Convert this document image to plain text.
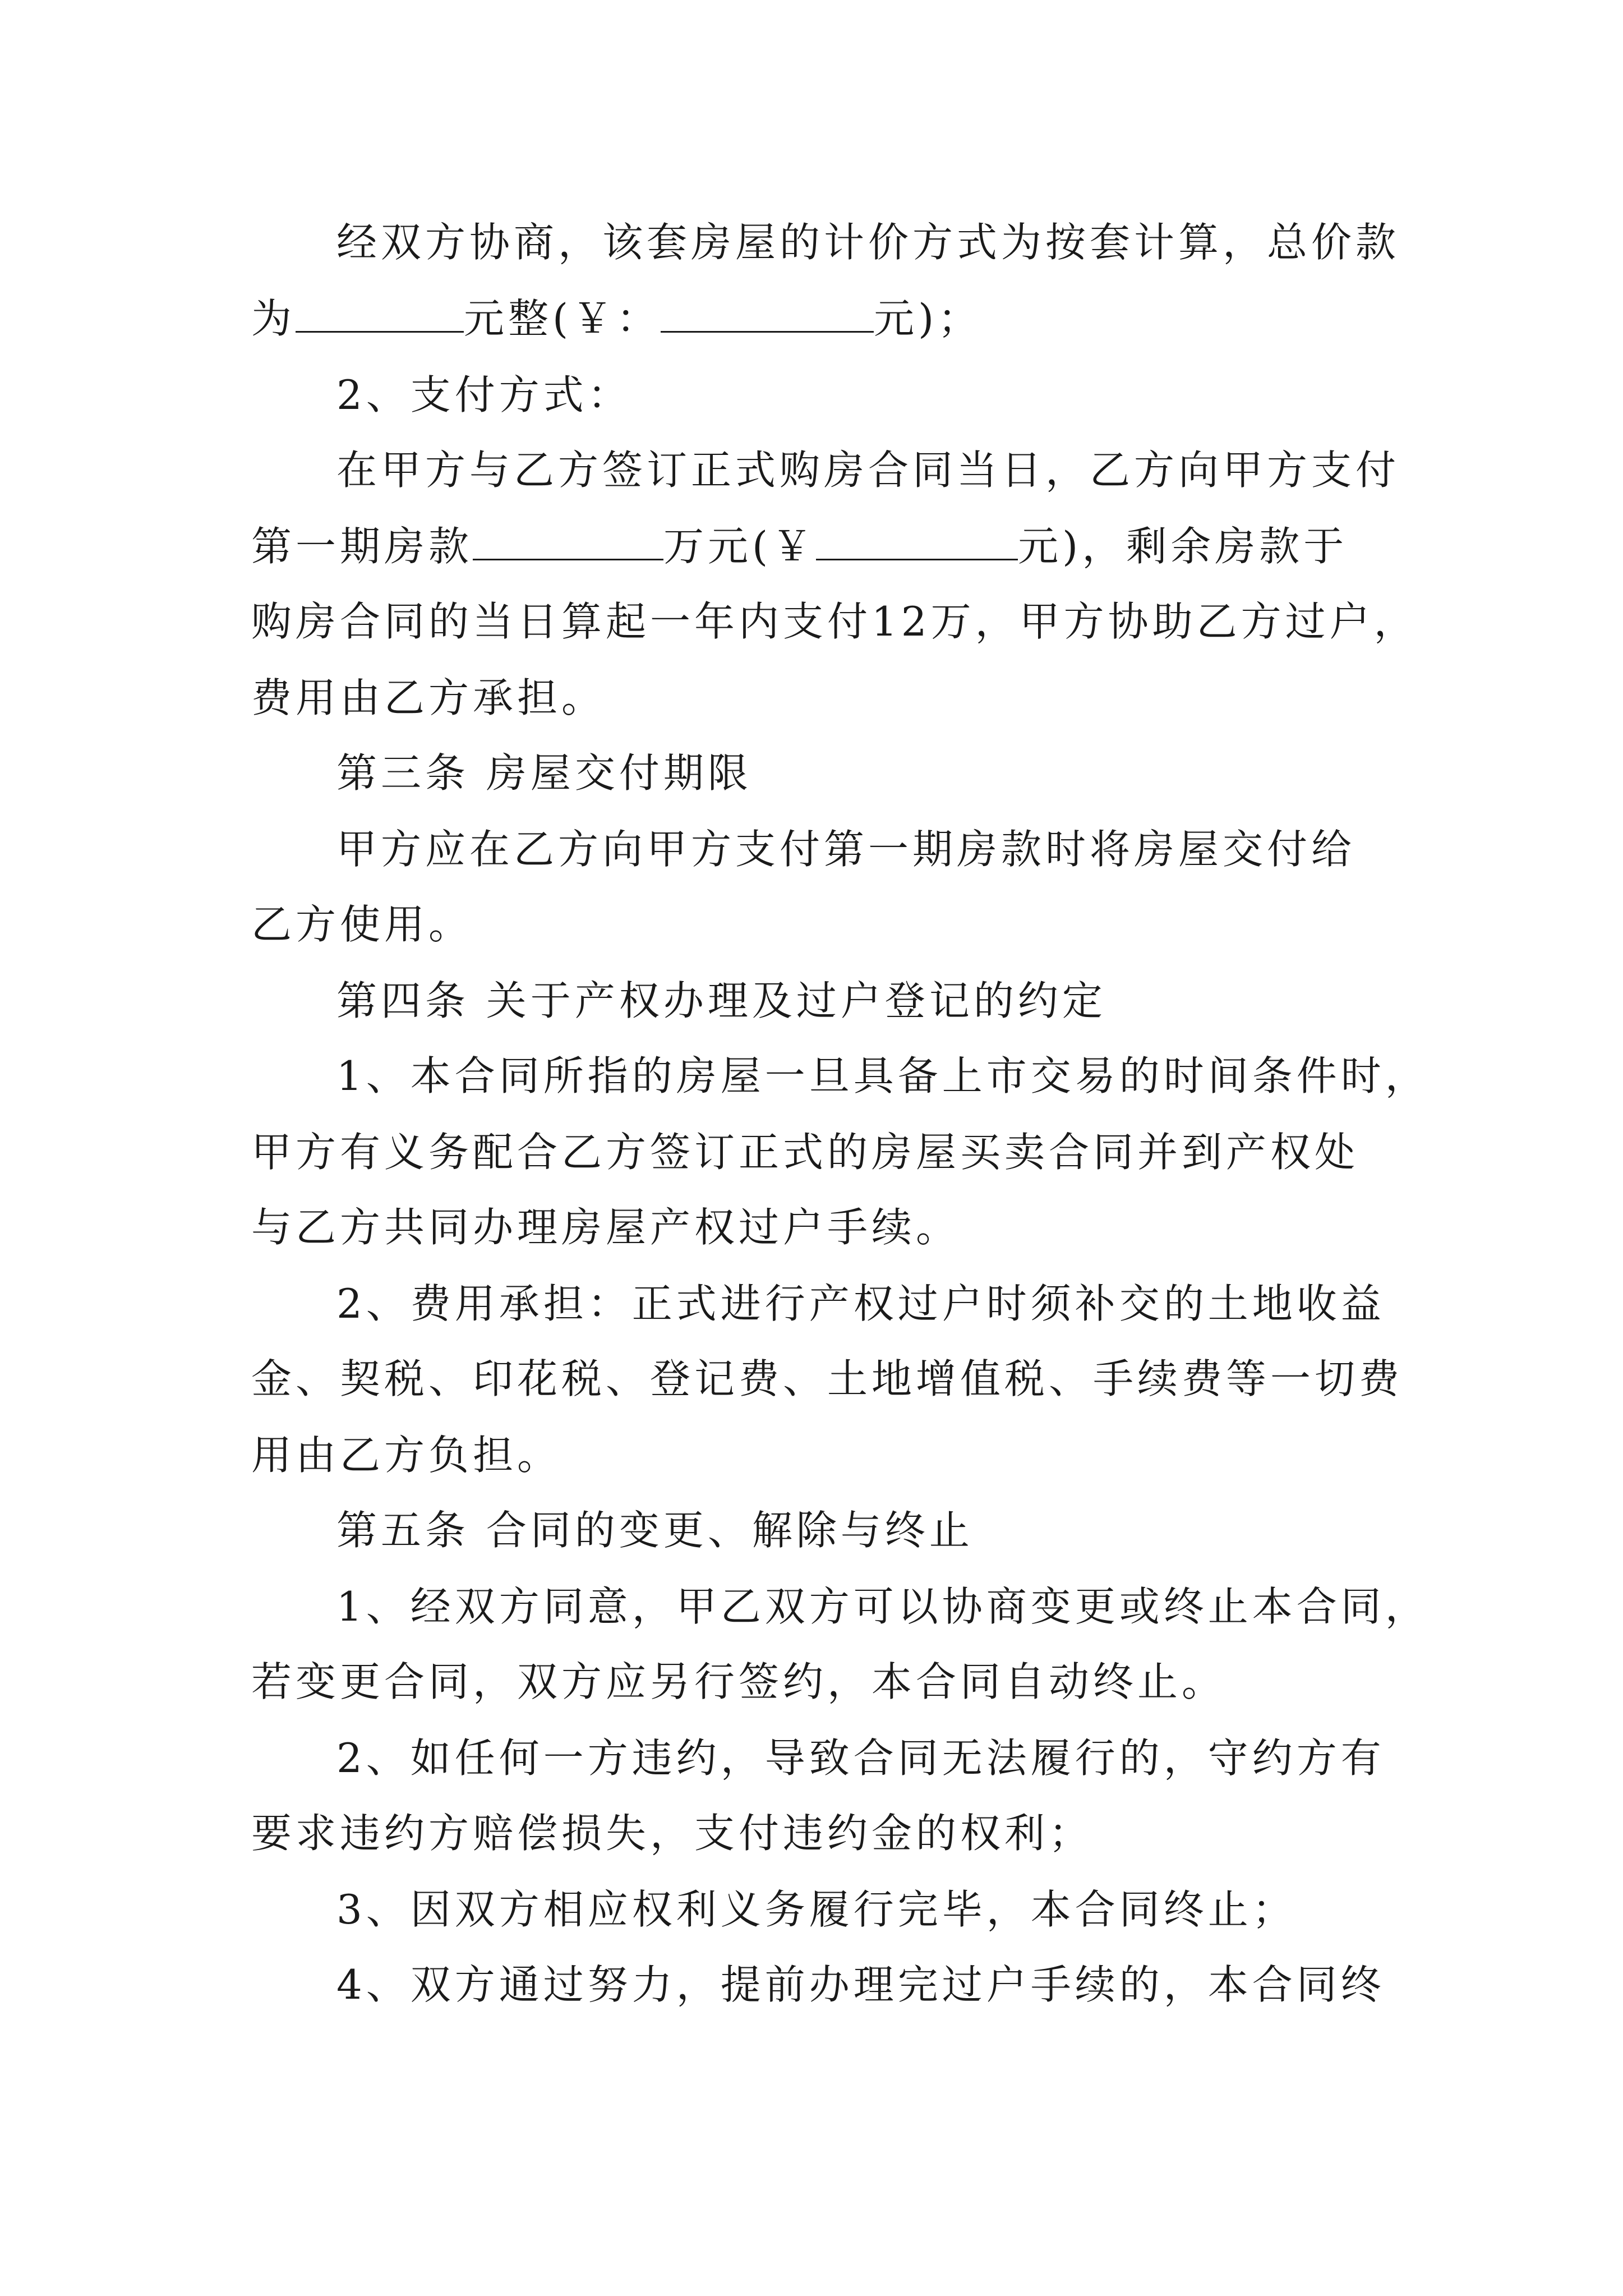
经双方协商，该套房屋的计价方式为按套计算，总价款
为	元整(￥：	元)；
2、支付方式：
在甲方与乙方签订正式购房合同当日，乙方向甲方支付
第一期房款	万元(￥	元)，剩余房款于
购房合同的当日算起一年内支付12万，甲方协助乙方过户，
费用由乙方承担。
第三条 房屋交付期限
甲方应在乙方向甲方支付第一期房款时将房屋交付给
乙方使用。
第四条 关于产权办理及过户登记的约定
1、本合同所指的房屋一旦具备上市交易的时间条件时，
甲方有义务配合乙方签订正式的房屋买卖合同并到产权处
与乙方共同办理房屋产权过户手续。
2、费用承担：正式进行产权过户时须补交的土地收益
金、契税、印花税、登记费、土地增值税、手续费等一切费
用由乙方负担。
第五条 合同的变更、解除与终止
1、经双方同意，甲乙双方可以协商变更或终止本合同，
若变更合同，双方应另行签约，本合同自动终止。
2、如任何一方违约，导致合同无法履行的，守约方有
要求违约方赔偿损失，支付违约金的权利；
3、因双方相应权利义务履行完毕，本合同终止；
4、双方通过努力，提前办理完过户手续的，本合同终
